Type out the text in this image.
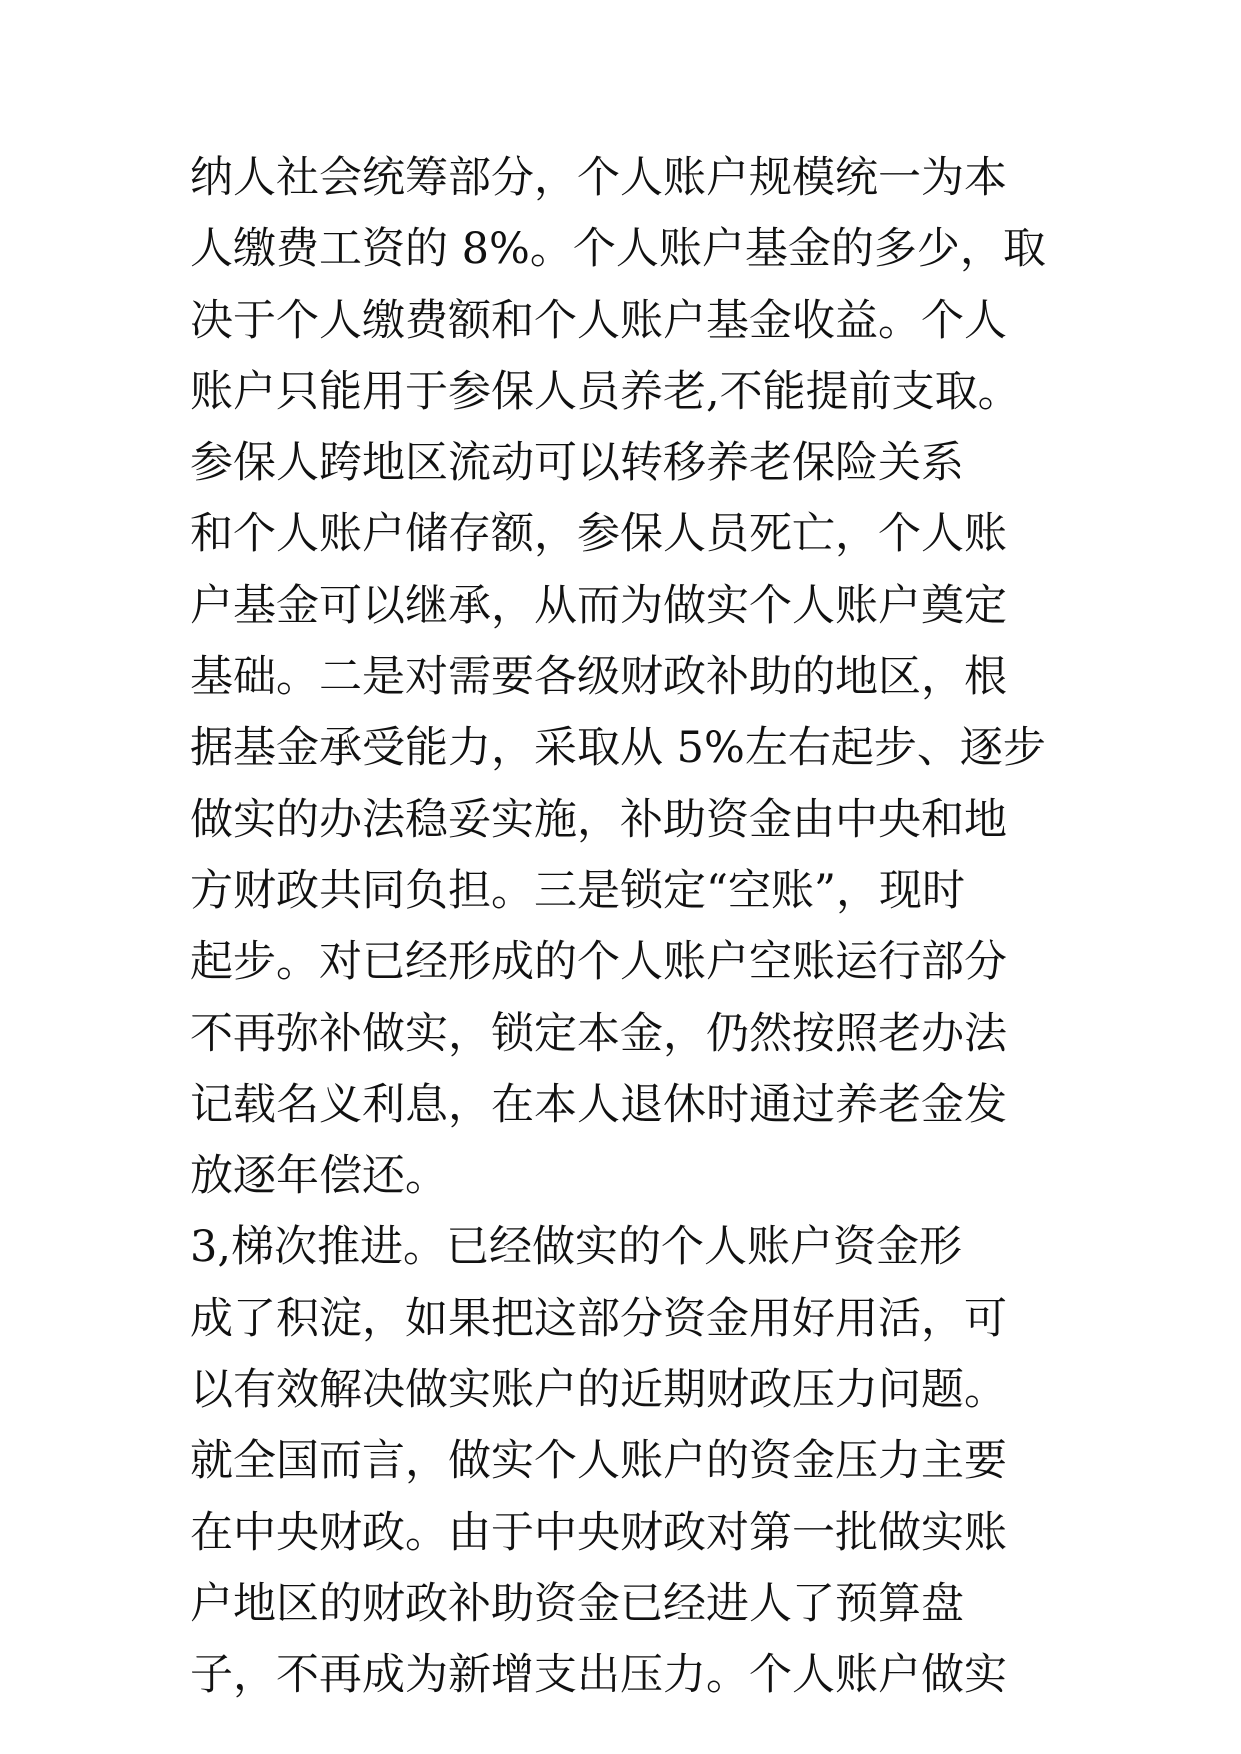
纳人社会统筹部分，个人账户规模统一为本
人缴费工资的 8%。个人账户基金的多少，取
决于个人缴费额和个人账户基金收益。个人
账户只能用于参保人员养老,不能提前支取。
参保人跨地区流动可以转移养老保险关系
和个人账户储存额，参保人员死亡，个人账
户基金可以继承，从而为做实个人账户奠定
基础。二是对需要各级财政补助的地区，根
据基金承受能力，采取从 5%左右起步、逐步
做实的办法稳妥实施，补助资金由中央和地
方财政共同负担。三是锁定“空账”，现时
起步。对已经形成的个人账户空账运行部分
不再弥补做实，锁定本金，仍然按照老办法
记载名义利息，在本人退休时通过养老金发
放逐年偿还。
3,梯次推进。已经做实的个人账户资金形
成了积淀，如果把这部分资金用好用活，可
以有效解决做实账户的近期财政压力问题。
就全国而言，做实个人账户的资金压力主要
在中央财政。由于中央财政对第一批做实账
户地区的财政补助资金已经进人了预算盘
子，不再成为新增支出压力。个人账户做实
